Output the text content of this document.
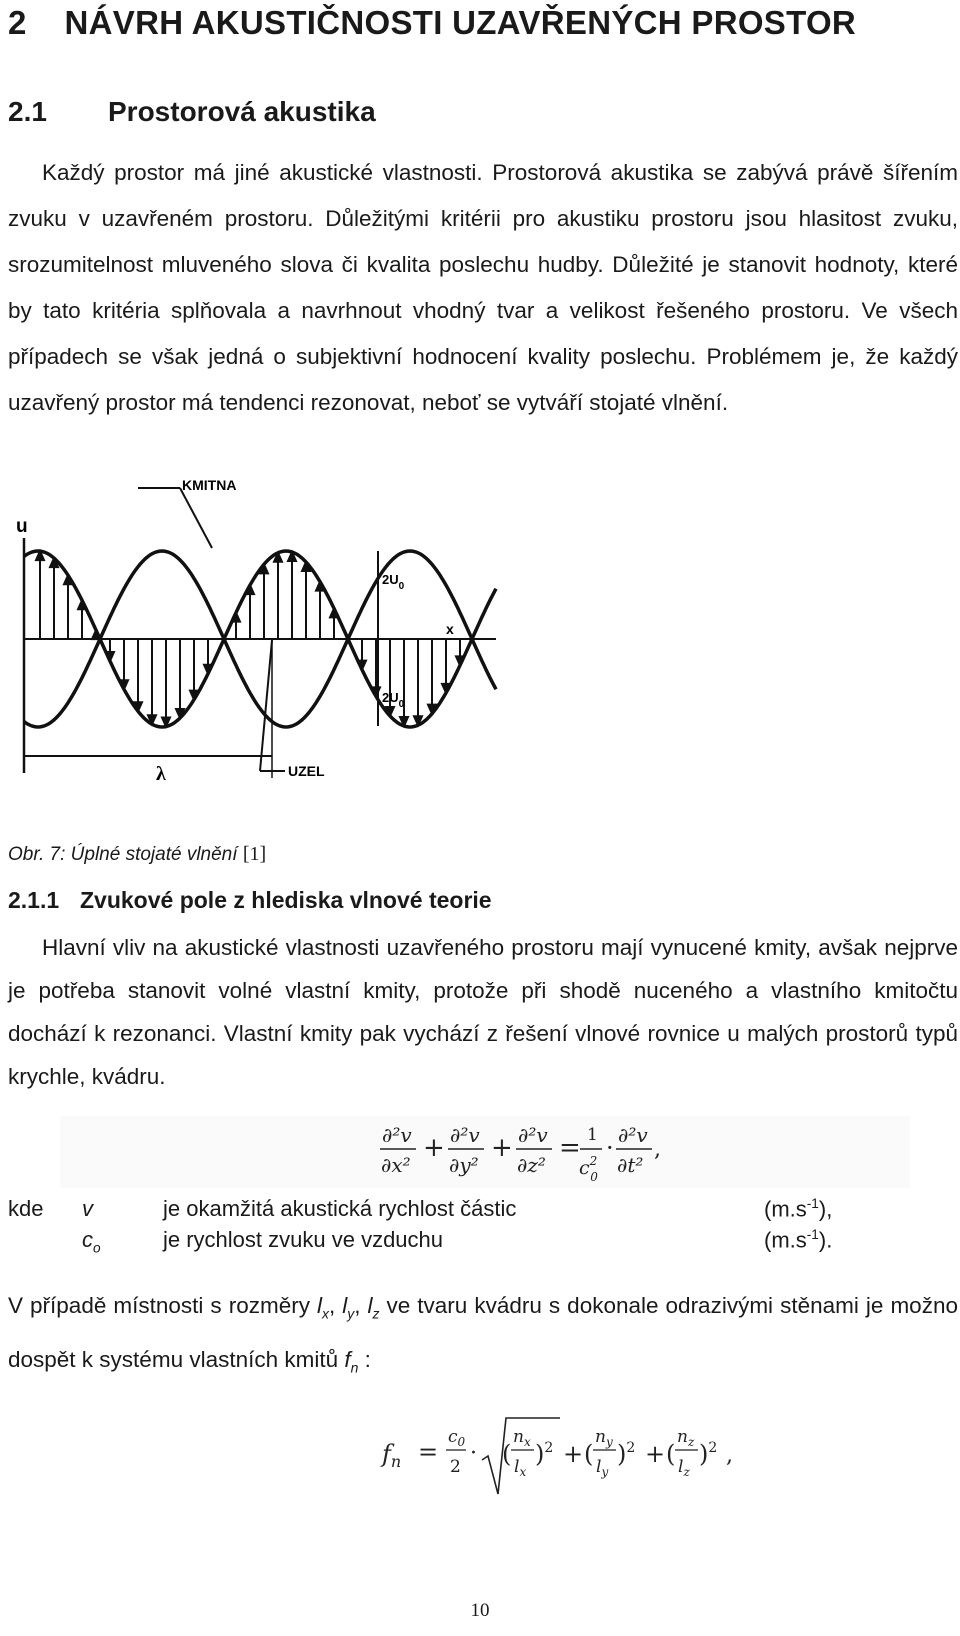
2 NÁVRH AKUSTIČNOSTI UZAVŘENÝCH PROSTOR
2.1 Prostorová akustika
Každý prostor má jiné akustické vlastnosti. Prostorová akustika se zabývá právě šířením zvuku v uzavřeném prostoru. Důležitými kritérii pro akustiku prostoru jsou hlasitost zvuku, srozumitelnost mluveného slova či kvalita poslechu hudby. Důležité je stanovit hodnoty, které by tato kritéria splňovala a navrhnout vhodný tvar a velikost řešeného prostoru. Ve všech případech se však jedná o subjektivní hodnocení kvality poslechu. Problémem je, že každý uzavřený prostor má tendenci rezonovat, neboť se vytváří stojaté vlnění.
KMITNA
u
x
λ	UZEL
$2U_0$
$2U_0$
Obr. 7: Úplné stojaté vlnění [1]
2.1.1 Zvukové pole z hlediska vlnové teorie
Hlavní vliv na akustické vlastnosti uzavřeného prostoru mají vynucené kmity, avšak nejprve je potřeba stanovit volné vlastní kmity, protože při shodě nuceného a vlastního kmitočtu dochází k rezonanci. Vlastní kmity pak vychází z řešení vlnové rovnice u malých prostorů typů krychle, kvádru.
∂²v
∂x²
+ ∂²v
∂y²
+ ∂²v
∂z²
= 1
$c^2$ 0
· ∂²v
∂t²
,
kde v	je okamžitá akustická rychlost částic	$(m.s^{-1})$,
$c_o$	je rychlost zvuku ve vzduchu	$(m.s^{-1})$.
V případě místnosti s rozměry $l_x$, $l_y$, $l_z$ ve tvaru kvádru s dokonale odrazivými stěnami je možno dospět k systému vlastních kmitů $f_n$ :
$f_n$ =
$c_0$
2
· (
$n_x$
$l_x$
)$^2$ + (
$n_y$
$l_y$
)$^2$ + (
$n_z$
$l_z$
)$^2$ ,
10
